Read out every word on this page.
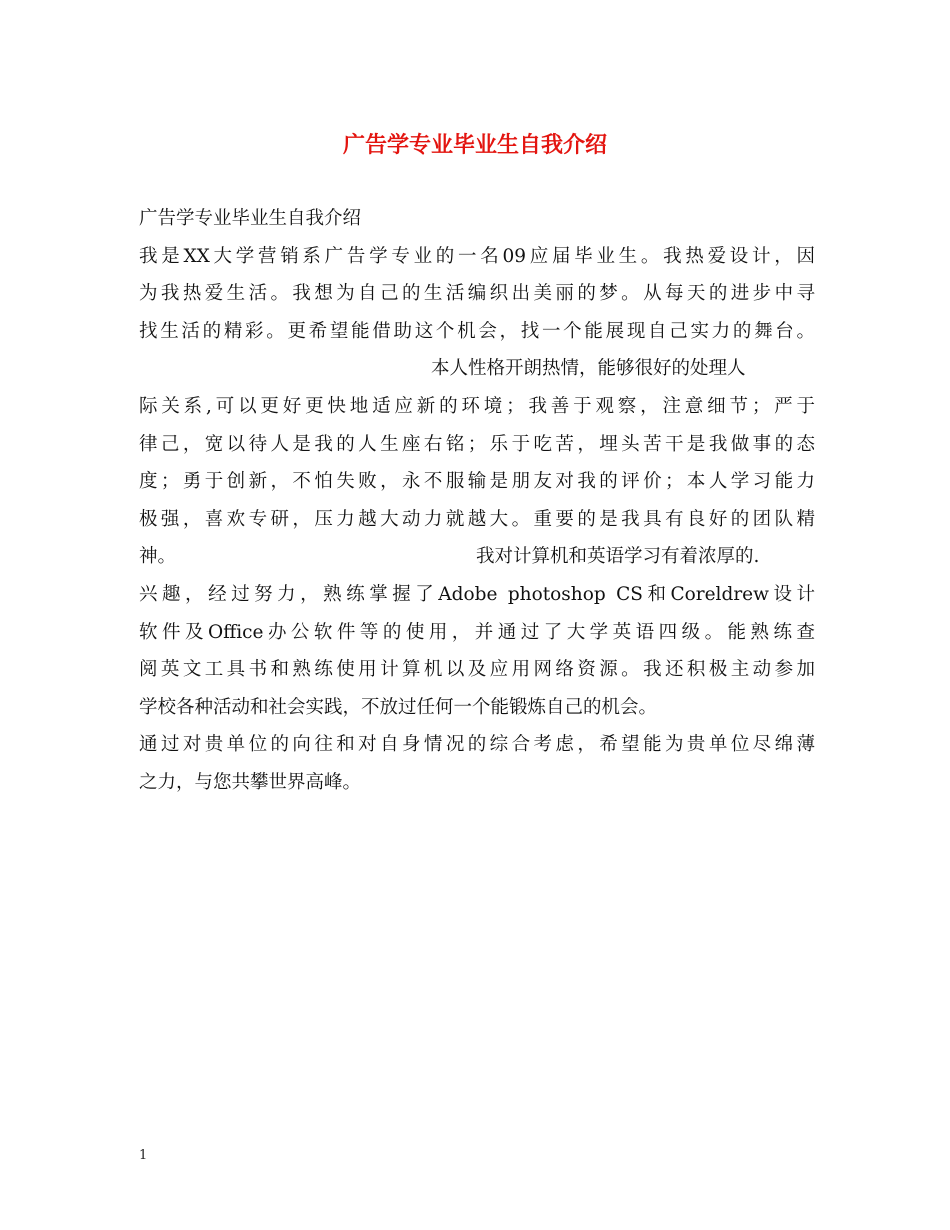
广告学专业毕业生自我介绍
广告学专业毕业生自我介绍
我是XX大学营销系广告学专业的一名09应届毕业生。我热爱设计，因
为我热爱生活。我想为自己的生活编织出美丽的梦。从每天的进步中寻
找生活的精彩。更希望能借助这个机会，找一个能展现自己实力的舞台。
本人性格开朗热情，能够很好的处理人
际关系,可以更好更快地适应新的环境；我善于观察，注意细节；严于
律己，宽以待人是我的人生座右铭；乐于吃苦，埋头苦干是我做事的态
度；勇于创新，不怕失败，永不服输是朋友对我的评价；本人学习能力
极强，喜欢专研，压力越大动力就越大。重要的是我具有良好的团队精
神。	我对计算机和英语学习有着浓厚的.
兴趣，经过努力，熟练掌握了Adobe photoshop CS和Coreldrew设计
软件及Office办公软件等的使用，并通过了大学英语四级。能熟练查
阅英文工具书和熟练使用计算机以及应用网络资源。我还积极主动参加
学校各种活动和社会实践，不放过任何一个能锻炼自己的机会。
通过对贵单位的向往和对自身情况的综合考虑，希望能为贵单位尽绵薄
之力，与您共攀世界高峰。
1
